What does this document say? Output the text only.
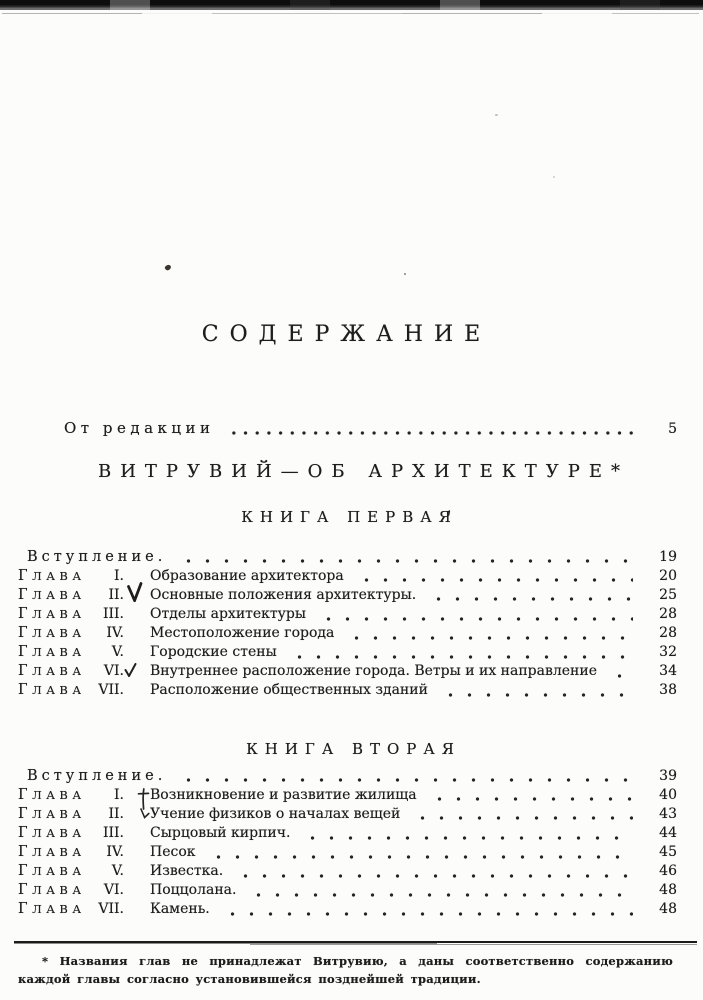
СОДЕРЖАНИЕ
От редакции	5
ВИТРУВИЙ—ОБ АРХИТЕКТУРЕ*
КНИГА ПЕРВАЯ
Вступление.	19
ГЛАВА	I. Образование архитектора	20
ГЛАВА	II. Основные положения архитектуры.	25
ГЛАВА	III. Отделы архитектуры	28
ГЛАВА	IV. Местоположение города	28
ГЛАВА	V. Городские стены	32
ГЛАВА	VI. Внутреннее расположение города. Ветры и их направление	34
ГЛАВА VII. Расположение общественных зданий	38
КНИГА ВТОРАЯ
Вступление.	39
ГЛАВА	I. Возникновение и развитие жилища	40
ГЛАВА	II. Учение физиков о началах вещей	43
ГЛАВА	III. Сырцовый кирпич.	44
ГЛАВА	IV. Песок	45
ГЛАВА	V. Известка.	46
ГЛАВА	VI. Поццолана.	48
ГЛАВА VII. Камень.	48
* Названия глав не принадлежат Витрувию, а даны соответственно содержанию каждой главы согласно установившейся позднейшей традиции.
